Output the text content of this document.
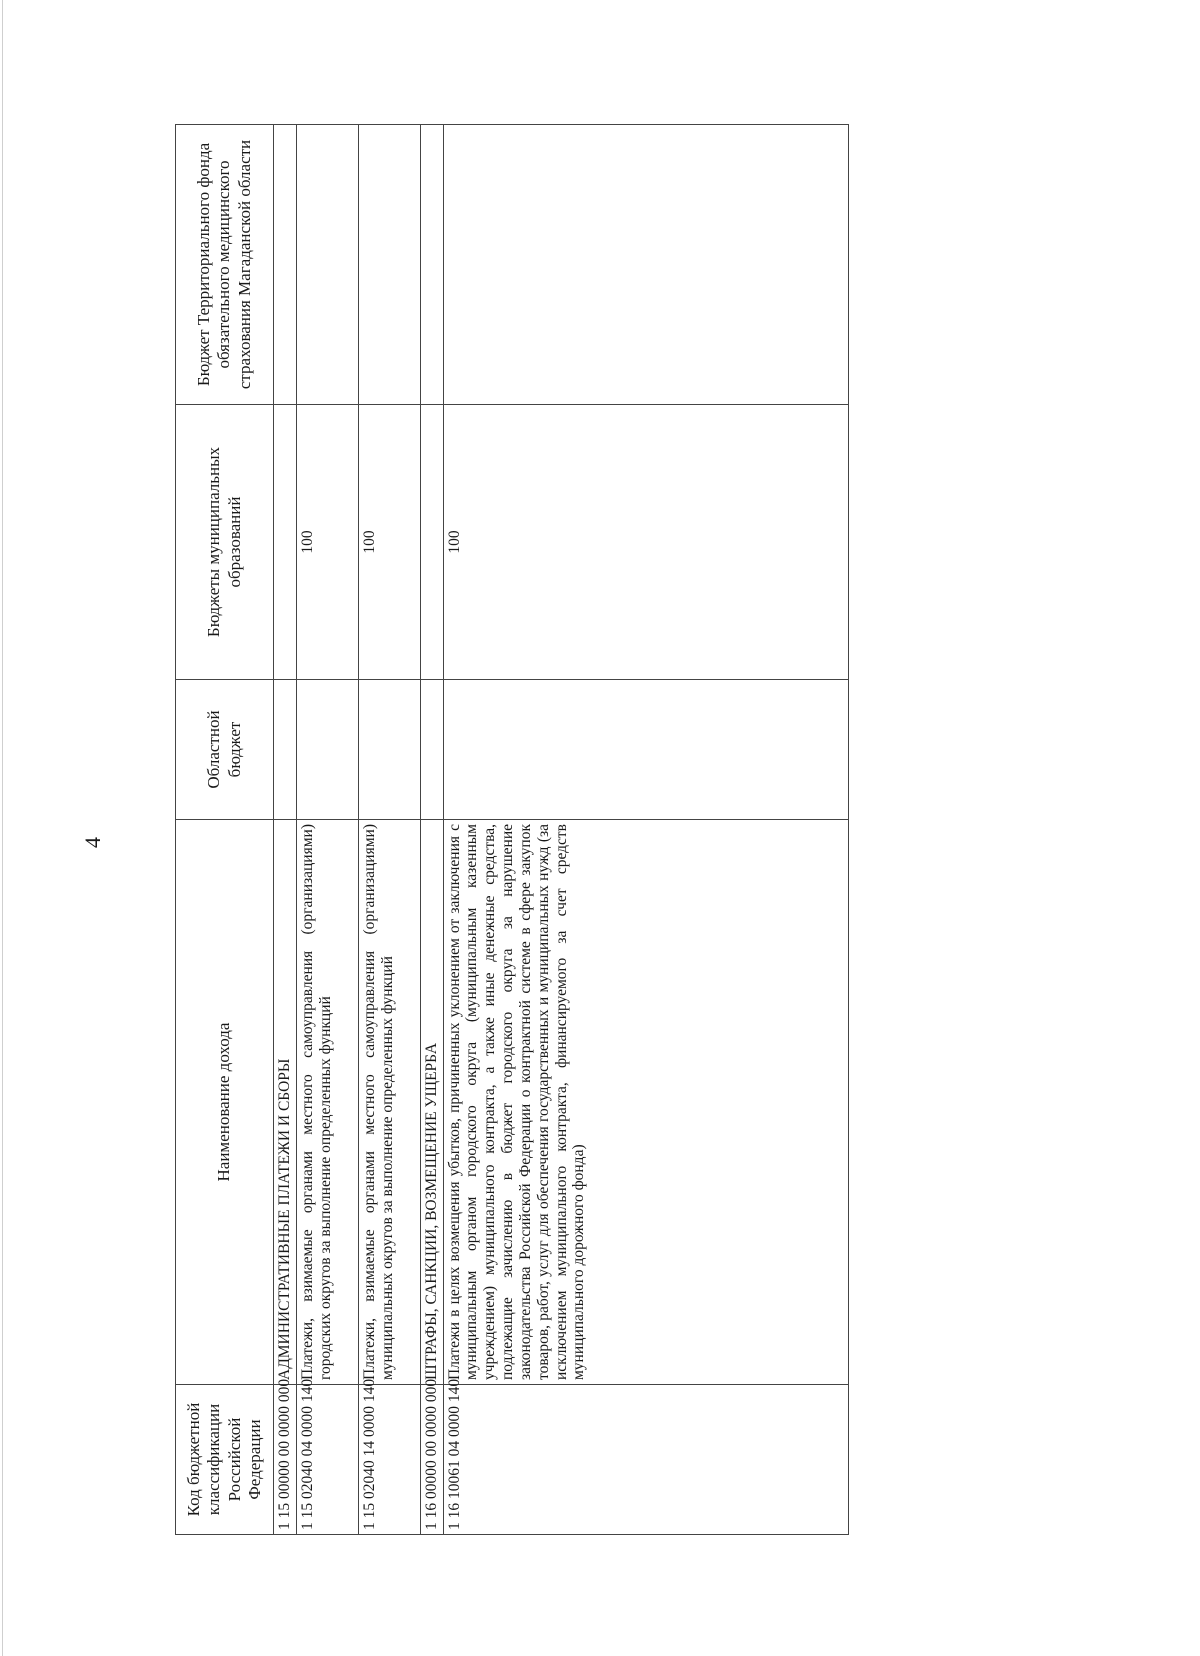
4
Код бюджетной классификации Российской Федерации	Наименование дохода	Областной бюджет	Бюджеты муниципальных образований	Бюджет Территориального фонда обязательного медицинского страхования Магаданской области
1 15 00000 00 0000 000	АДМИНИСТРАТИВНЫЕ ПЛАТЕЖИ И СБОРЫ			
1 15 02040 04 0000 140	Платежи, взимаемые органами местного самоуправления (организациями) городских округов за выполнение определенных функций		100	
1 15 02040 14 0000 140	Платежи, взимаемые органами местного самоуправления (организациями) муниципальных округов за выполнение определенных функций		100	
1 16 00000 00 0000 000	ШТРАФЫ, САНКЦИИ, ВОЗМЕЩЕНИЕ УЩЕРБА			
1 16 10061 04 0000 140	Платежи в целях возмещения убытков, причиненных уклонением от заключения с муниципальным органом городского округа (муниципальным казенным учреждением) муниципального контракта, а также иные денежные средства, подлежащие зачислению в бюджет городского округа за нарушение законодательства Российской Федерации о контрактной системе в сфере закупок товаров, работ, услуг для обеспечения государственных и муниципальных нужд (за исключением муниципального контракта, финансируемого за счет средств муниципального дорожного фонда)		100	
